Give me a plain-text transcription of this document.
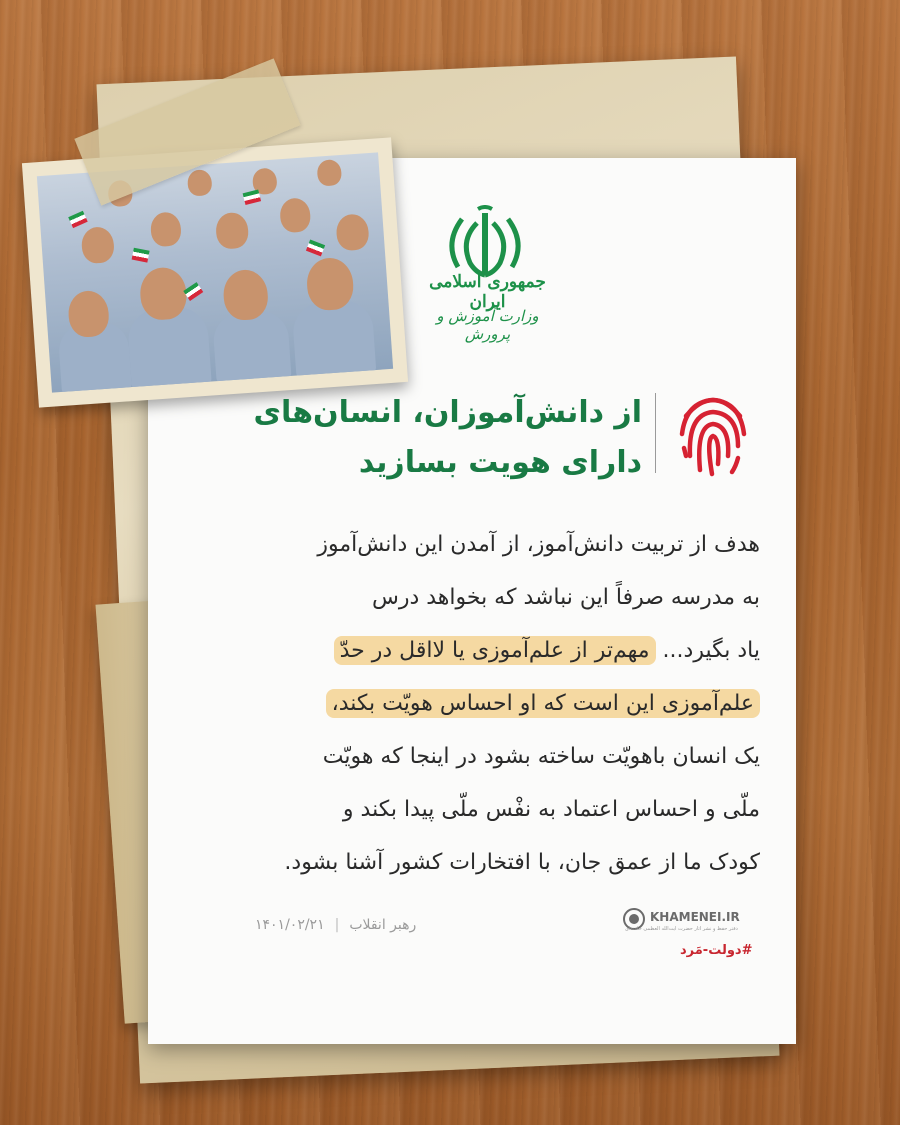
جمهوری اسلامی ایران
وزارت آموزش و پرورش
از دانش‌آموزان، انسان‌های
دارای هویت بسازید
هدف از تربیت دانش‌آموز، از آمدن این دانش‌آموز
به مدرسه صرفاً این نباشد که بخواهد درس
یاد بگیرد... مهم‌تر از علم‌آموزی یا لااقل در حدّ
علم‌آموزی این است که او احساس هویّت بکند،
یک انسان باهویّت ساخته بشود در اینجا که هویّت
ملّی و احساس اعتماد به نفْس ملّی پیدا بکند و
کودک ما از عمق جان، با افتخارات کشور آشنا بشود.
رهبر انقلاب|۱۴۰۱/۰۲/۲۱	KHAMENEI.IR
دفتر حفظ و نشر آثار حضرت آیت‌الله العظمی خامنه‌ای
#دولت-مَرد
